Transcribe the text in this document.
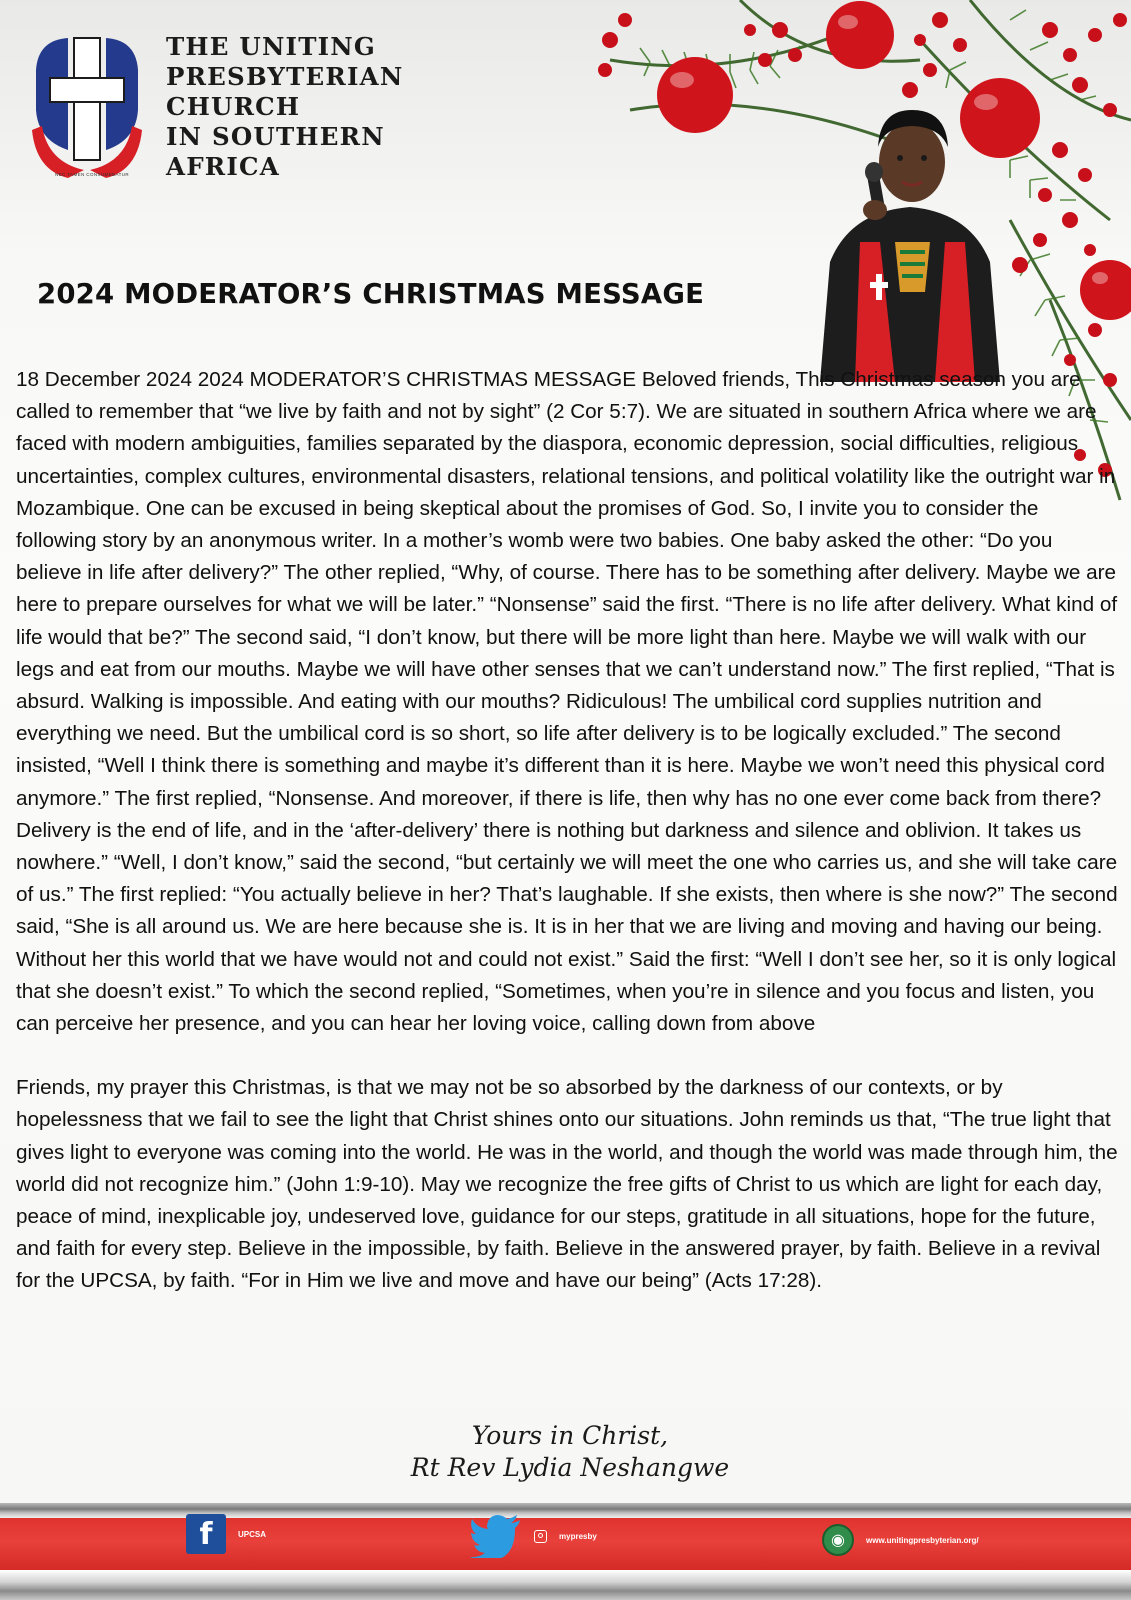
NEC TAMEN CONSUMEBATUR
THE UNITING
PRESBYTERIAN
CHURCH
IN SOUTHERN
AFRICA
2024 MODERATOR’S CHRISTMAS MESSAGE

18 December 2024 2024 MODERATOR’S CHRISTMAS MESSAGE Beloved friends, This Christmas season you are called to remember that “we live by faith and not by sight” (2 Cor 5:7). We are situated in southern Africa where we are faced with modern ambiguities, families separated by the diaspora, economic depression, social difficulties, religious uncertainties, complex cultures, environmental disasters, relational tensions, and political volatility like the outright war in Mozambique. One can be excused in being skeptical about the promises of God. So, I invite you to consider the following story by an anonymous writer. In a mother’s womb were two babies. One baby asked the other: “Do you believe in life after delivery?” The other replied, “Why, of course. There has to be something after delivery. Maybe we are here to prepare ourselves for what we will be later.” “Nonsense” said the first. “There is no life after delivery. What kind of life would that be?” The second said, “I don’t know, but there will be more light than here. Maybe we will walk with our legs and eat from our mouths. Maybe we will have other senses that we can’t understand now.” The first replied, “That is absurd. Walking is impossible. And eating with our mouths? Ridiculous! The umbilical cord supplies nutrition and everything we need. But the umbilical cord is so short, so life after delivery is to be logically excluded.” The second insisted, “Well I think there is something and maybe it’s different than it is here. Maybe we won’t need this physical cord anymore.” The first replied, “Nonsense. And moreover, if there is life, then why has no one ever come back from there? Delivery is the end of life, and in the ‘after-delivery’ there is nothing but darkness and silence and oblivion. It takes us nowhere.” “Well, I don’t know,” said the second, “but certainly we will meet the one who carries us, and she will take care of us.” The first replied: “You actually believe in her? That’s laughable. If she exists, then where is she now?” The second said, “She is all around us. We are here because she is. It is in her that we are living and moving and having our being. Without her this world that we have would not and could not exist.” Said the first: “Well I don’t see her, so it is only logical that she doesn’t exist.” To which the second replied, “Sometimes, when you’re in silence and you focus and listen, you can perceive her presence, and you can hear her loving voice, calling down from above

Friends, my prayer this Christmas, is that we may not be so absorbed by the darkness of our contexts, or by hopelessness that we fail to see the light that Christ shines onto our situations. John reminds us that, “The true light that gives light to everyone was coming into the world. He was in the world, and though the world was made through him, the world did not recognize him.” (John 1:9-10). May we recognize the free gifts of Christ to us which are light for each day, peace of mind, inexplicable joy, undeserved love, guidance for our steps, gratitude in all situations, hope for the future, and faith for every step. Believe in the impossible, by faith. Believe in the answered prayer, by faith. Believe in a revival for the UPCSA, by faith. “For in Him we live and move and have our being” (Acts 17:28).

Yours in Christ,
Rt Rev Lydia Neshangwe
f	UPCSA	mypresby	◉	www.unitingpresbyterian.org/
